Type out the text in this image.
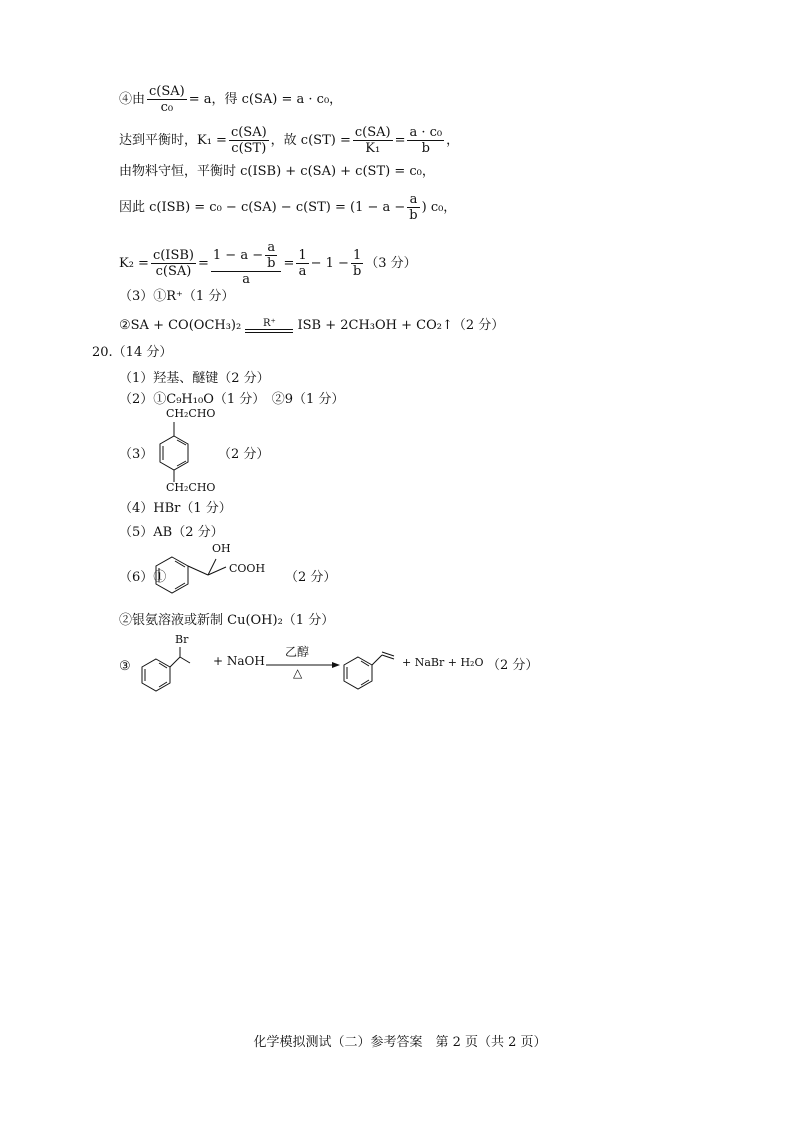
④由 $\frac{c(SA)}{\text{c₀}} = a$，得 c(SA) = a · c₀，
达到平衡时，$K_1 = \frac{c(SA)}{c(ST)}$ ，故 $c(ST) = \frac{c(SA)}{\text{K₁}} = \frac{\text{a · c₀}}{b}$ ，
由物料守恒，平衡时 c(ISB) + c(SA) + c(ST) = c₀，
因此 $c(ISB) = c_0 - c(SA) - c(ST) = (1 - a - \frac{a}{b}$ ) c₀，
$K_2 = \frac{\text{c(ISB)}}{c(SA)} = \frac{1 - a - \frac{a}{b}}{a} = \frac{1}{a} - 1 - \frac{1}{b} (3$ 分）
（3）①R⁺（1 分）
②SA + CO(OCH₃)₂	R⁺	ISB + 2CH₃OH + CO₂↑（2 分）
20.（14 分）
（1）羟基、醚键（2 分）
（2）①C₉H₁₀O（1 分）　②9（1 分）
（3）
CH₂CHO
CH₂CHO
（2 分）
（4）HBr（1 分）
（5）AB（2 分）
（6）①
OH
COOH
（2 分）
②银氨溶液或新制 Cu(OH)₂（1 分）
③
Br
+ NaOH
乙醇
△
+ NaBr + H₂O （2 分）
化学模拟测试（二）参考答案　第 2 页（共 2 页）
